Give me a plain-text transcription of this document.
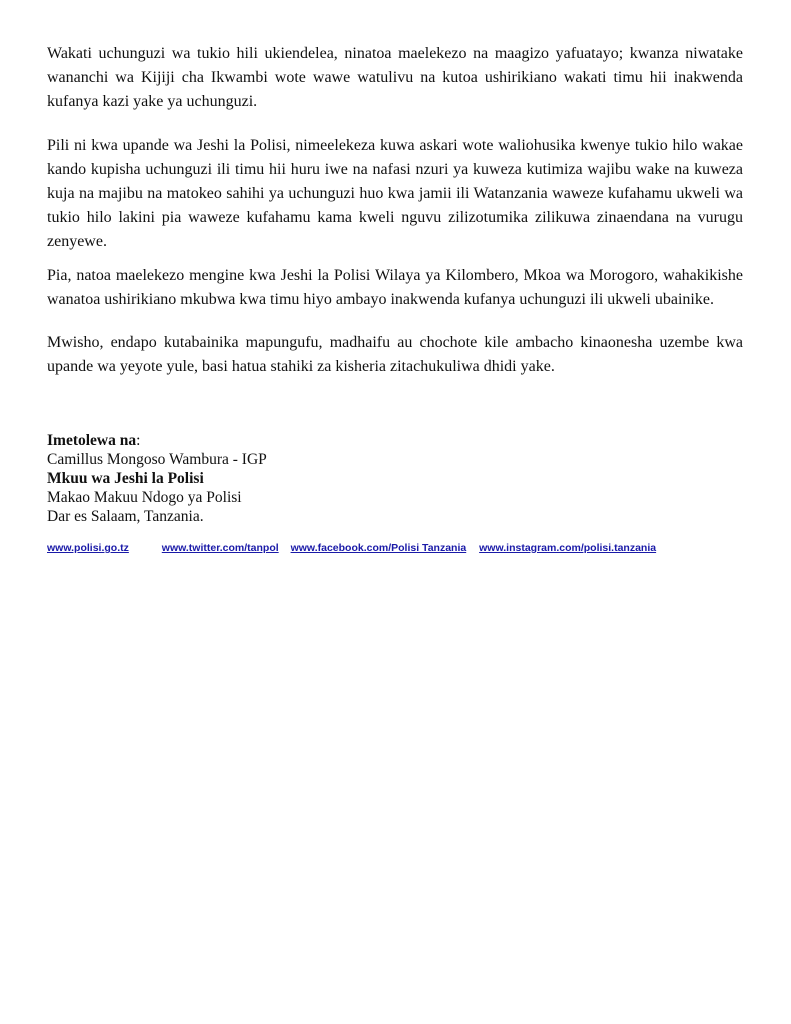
Wakati uchunguzi wa tukio hili ukiendelea, ninatoa maelekezo na maagizo yafuatayo; kwanza niwatake wananchi wa Kijiji cha Ikwambi wote wawe watulivu na kutoa ushirikiano wakati timu hii inakwenda kufanya kazi yake ya uchunguzi.

Pili ni kwa upande wa Jeshi la Polisi, nimeelekeza kuwa askari wote waliohusika kwenye tukio hilo wakae kando kupisha uchunguzi ili timu hii huru iwe na nafasi nzuri ya kuweza kutimiza wajibu wake na kuweza kuja na majibu na matokeo sahihi ya uchunguzi huo kwa jamii ili Watanzania waweze kufahamu ukweli wa tukio hilo lakini pia waweze kufahamu kama kweli nguvu zilizotumika zilikuwa zinaendana na vurugu zenyewe.

Pia, natoa maelekezo mengine kwa Jeshi la Polisi Wilaya ya Kilombero, Mkoa wa Morogoro, wahakikishe wanatoa ushirikiano mkubwa kwa timu hiyo ambayo inakwenda kufanya uchunguzi ili ukweli ubainike.

Mwisho, endapo kutabainika mapungufu, madhaifu au chochote kile ambacho kinaonesha uzembe kwa upande wa yeyote yule, basi hatua stahiki za kisheria zitachukuliwa dhidi yake.

Imetolewa na:
Camillus Mongoso Wambura - IGP
Mkuu wa Jeshi la Polisi
Makao Makuu Ndogo ya Polisi
Dar es Salaam, Tanzania.
www.polisi.go.tz	www.twitter.com/tanpol www.facebook.com/Polisi Tanzania www.instagram.com/polisi.tanzania
